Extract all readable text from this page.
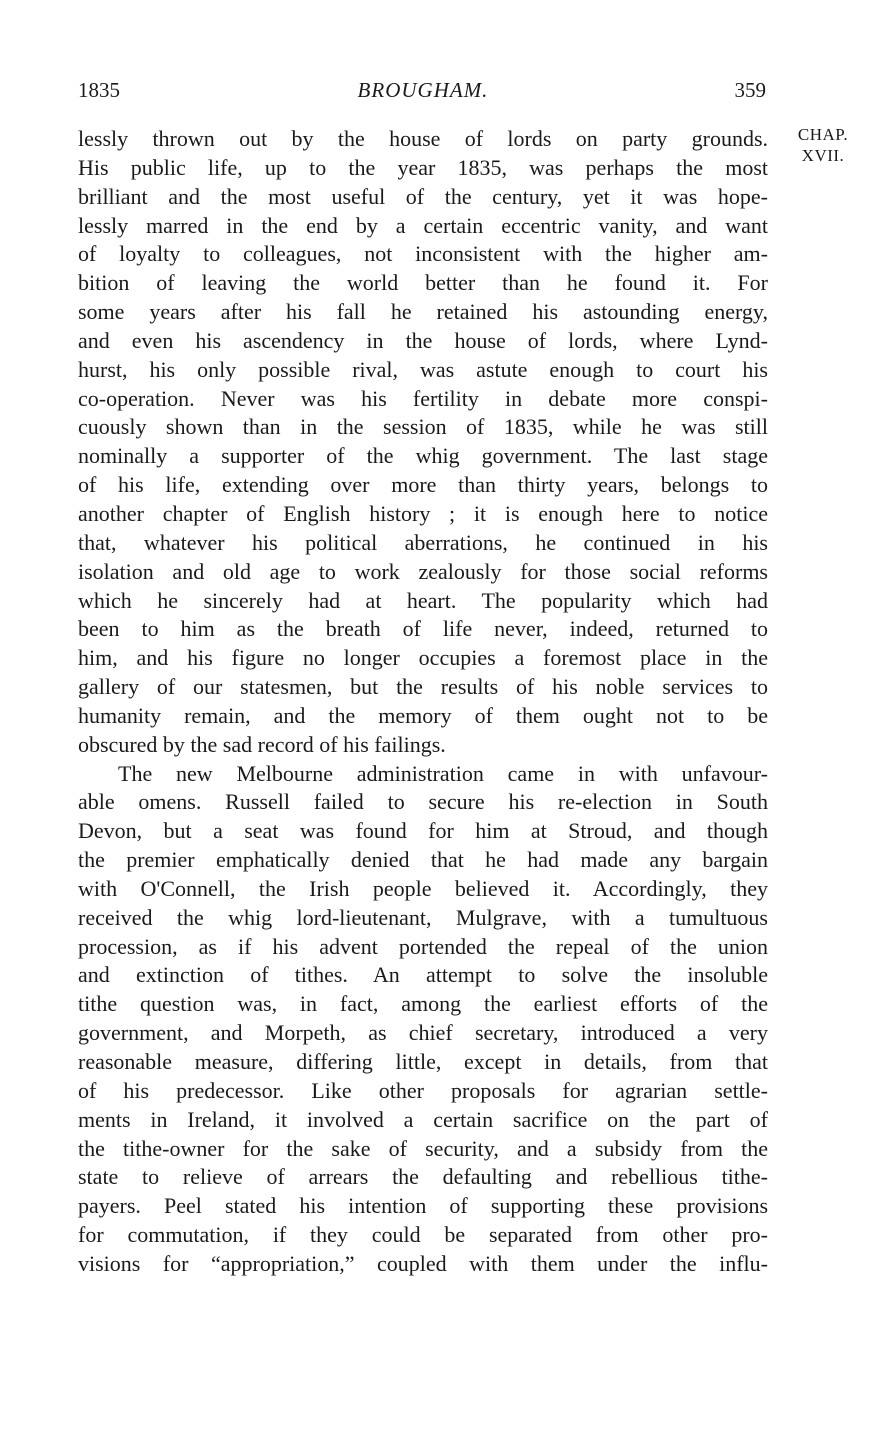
1835	BROUGHAM.	359
CHAP.
XVII.
lessly thrown out by the house of lords on party grounds.
His public life, up to the year 1835, was perhaps the most
brilliant and the most useful of the century, yet it was hope-
lessly marred in the end by a certain eccentric vanity, and want
of loyalty to colleagues, not inconsistent with the higher am-
bition of leaving the world better than he found it. For
some years after his fall he retained his astounding energy,
and even his ascendency in the house of lords, where Lynd-
hurst, his only possible rival, was astute enough to court his
co-operation. Never was his fertility in debate more conspi-
cuously shown than in the session of 1835, while he was still
nominally a supporter of the whig government. The last stage
of his life, extending over more than thirty years, belongs to
another chapter of English history ; it is enough here to notice
that, whatever his political aberrations, he continued in his
isolation and old age to work zealously for those social reforms
which he sincerely had at heart. The popularity which had
been to him as the breath of life never, indeed, returned to
him, and his figure no longer occupies a foremost place in the
gallery of our statesmen, but the results of his noble services to
humanity remain, and the memory of them ought not to be
obscured by the sad record of his failings.
The new Melbourne administration came in with unfavour-
able omens. Russell failed to secure his re-election in South
Devon, but a seat was found for him at Stroud, and though
the premier emphatically denied that he had made any bargain
with O'Connell, the Irish people believed it. Accordingly, they
received the whig lord-lieutenant, Mulgrave, with a tumultuous
procession, as if his advent portended the repeal of the union
and extinction of tithes. An attempt to solve the insoluble
tithe question was, in fact, among the earliest efforts of the
government, and Morpeth, as chief secretary, introduced a very
reasonable measure, differing little, except in details, from that
of his predecessor. Like other proposals for agrarian settle-
ments in Ireland, it involved a certain sacrifice on the part of
the tithe-owner for the sake of security, and a subsidy from the
state to relieve of arrears the defaulting and rebellious tithe-
payers. Peel stated his intention of supporting these provisions
for commutation, if they could be separated from other pro-
visions for “appropriation,” coupled with them under the influ-
